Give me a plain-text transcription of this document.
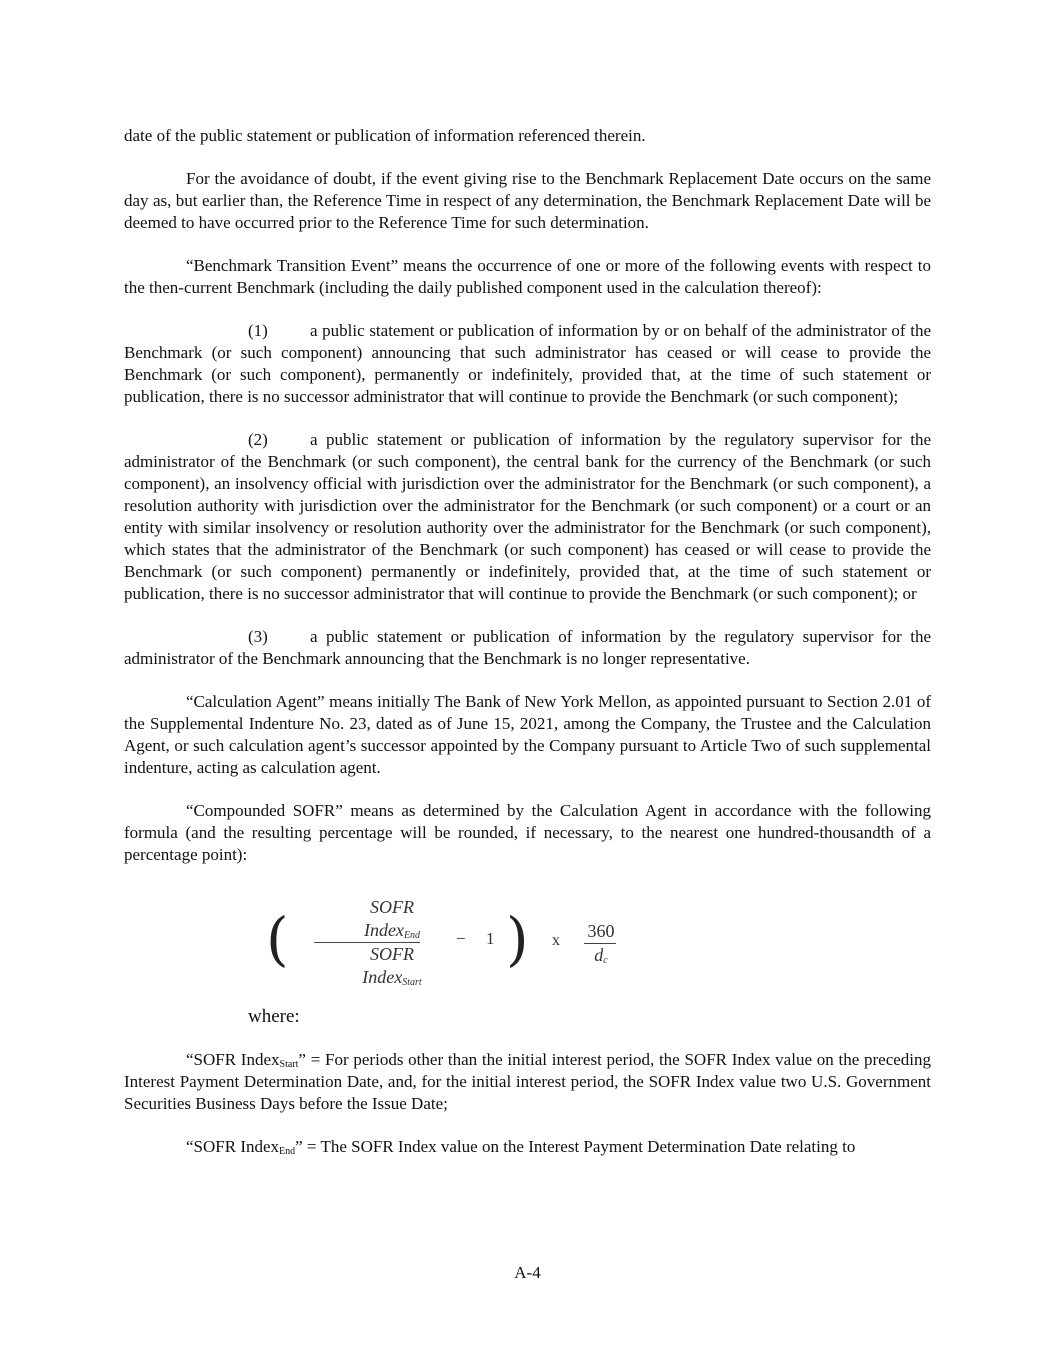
date of the public statement or publication of information referenced therein.

For the avoidance of doubt, if the event giving rise to the Benchmark Replacement Date occurs on the same day as, but earlier than, the Reference Time in respect of any determination, the Benchmark Replacement Date will be deemed to have occurred prior to the Reference Time for such determination.

“Benchmark Transition Event” means the occurrence of one or more of the following events with respect to the then-current Benchmark (including the daily published component used in the calculation thereof):

(1) a public statement or publication of information by or on behalf of the administrator of the Benchmark (or such component) announcing that such administrator has ceased or will cease to provide the Benchmark (or such component), permanently or indefinitely, provided that, at the time of such statement or publication, there is no successor administrator that will continue to provide the Benchmark (or such component);

(2) a public statement or publication of information by the regulatory supervisor for the administrator of the Benchmark (or such component), the central bank for the currency of the Benchmark (or such component), an insolvency official with jurisdiction over the administrator for the Benchmark (or such component), a resolution authority with jurisdiction over the administrator for the Benchmark (or such component) or a court or an entity with similar insolvency or resolution authority over the administrator for the Benchmark (or such component), which states that the administrator of the Benchmark (or such component) has ceased or will cease to provide the Benchmark (or such component) permanently or indefinitely, provided that, at the time of such statement or publication, there is no successor administrator that will continue to provide the Benchmark (or such component); or

(3) a public statement or publication of information by the regulatory supervisor for the administrator of the Benchmark announcing that the Benchmark is no longer representative.

“Calculation Agent” means initially The Bank of New York Mellon, as appointed pursuant to Section 2.01 of the Supplemental Indenture No. 23, dated as of June 15, 2021, among the Company, the Trustee and the Calculation Agent, or such calculation agent’s successor appointed by the Company pursuant to Article Two of such supplemental indenture, acting as calculation agent.

“Compounded SOFR” means as determined by the Calculation Agent in accordance with the following formula (and the resulting percentage will be rounded, if necessary, to the nearest one hundred-thousandth of a percentage point):

(	SOFR
Index$_{End}$
SOFR
Index$_{Start}$
− 1 ) x 360
$d_c$

where:

“SOFR Index$_{Start}$” = For periods other than the initial interest period, the SOFR Index value on the preceding Interest Payment Determination Date, and, for the initial interest period, the SOFR Index value two U.S. Government Securities Business Days before the Issue Date;

“SOFR Index$_{End}$” = The SOFR Index value on the Interest Payment Determination Date relating to

A-4
